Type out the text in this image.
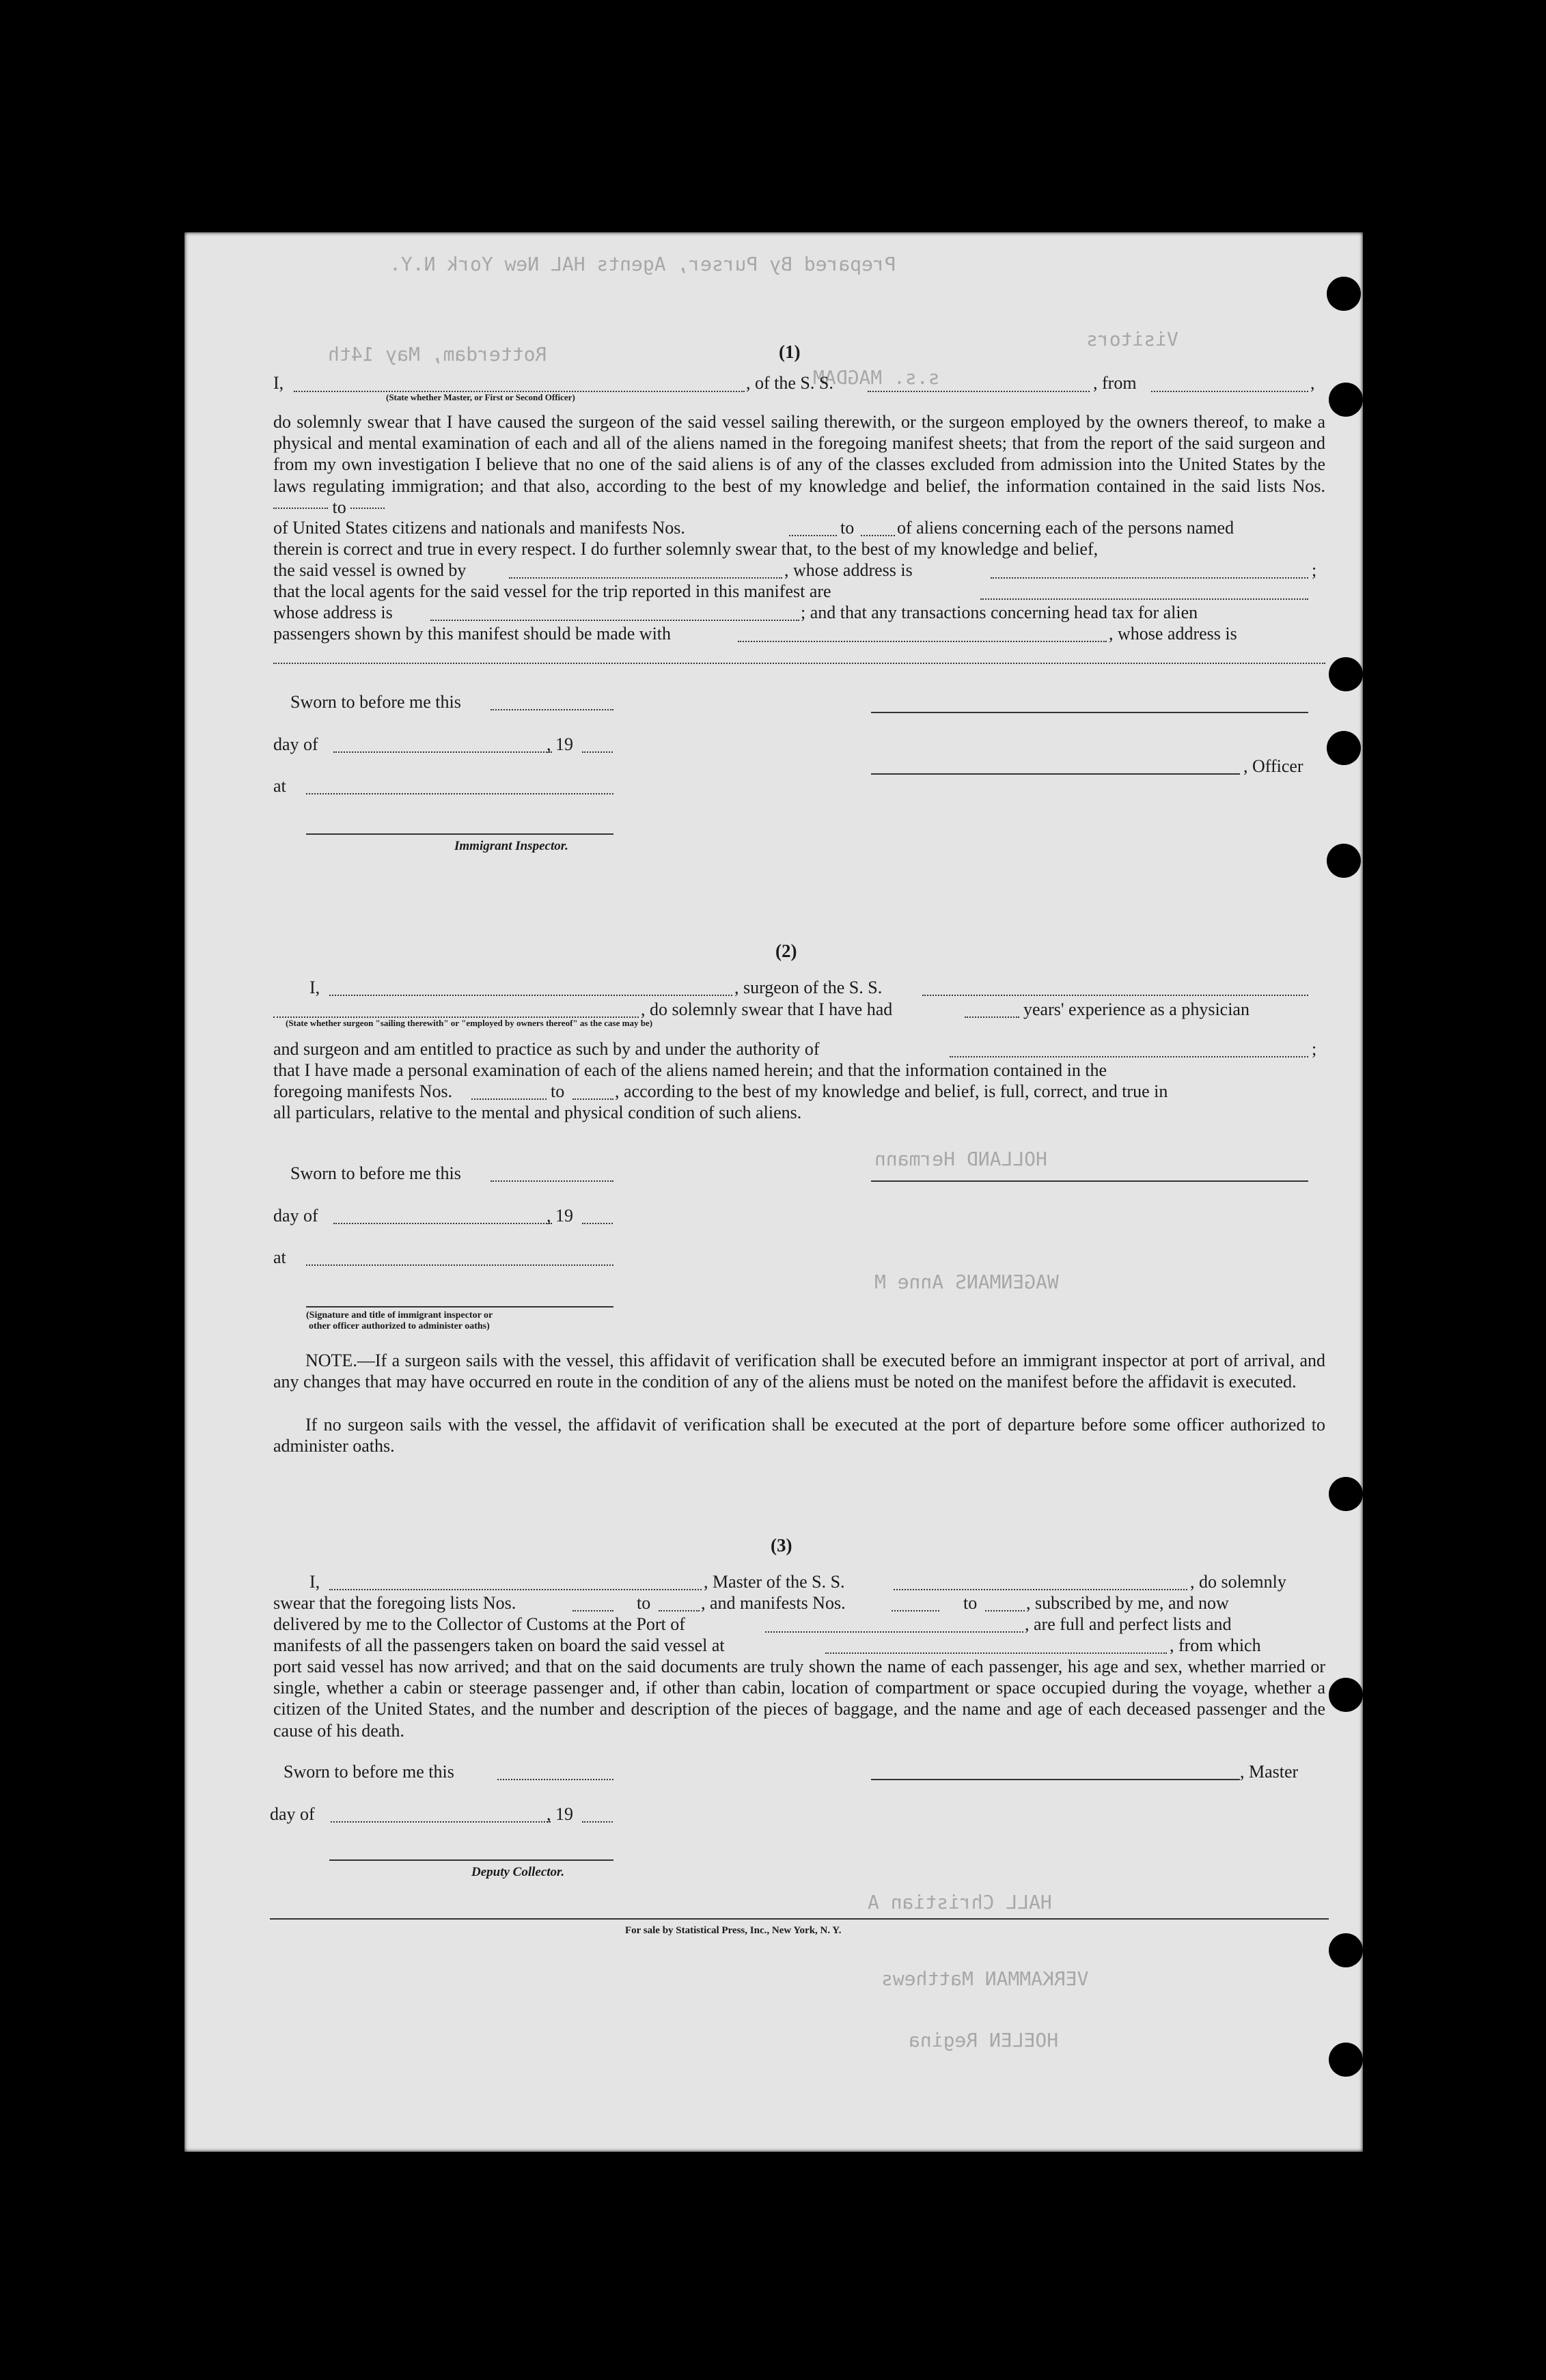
Prepared By Purser, Agents HAL New York N.Y.
Visitors
Rotterdam, May 14th
s.s. MAGDAM
HOLLAND Hermann
WAGENMANS Anne M
HALL Christian A
VERKAMMAN Matthews
HOELEN Regina
(1)
I,	, of the S. S.	, from	,
(State whether Master, or First or Second Officer)
do solemnly swear that I have caused the surgeon of the said vessel sailing therewith, or the surgeon employed by the owners thereof, to make a physical and mental examination of each and all of the aliens named in the foregoing manifest sheets; that from the report of the said surgeon and from my own investigation I believe that no one of the said aliens is of any of the classes excluded from admission into the United States by the laws regulating immigration; and that also, according to the best of my knowledge and belief, the information contained in the said lists Nos.  to
of United States citizens and nationals and manifests Nos.	to of aliens concerning each of the persons named
therein is correct and true in every respect. I do further solemnly swear that, to the best of my knowledge and belief,
the said vessel is owned by	, whose address is	;
that the local agents for the said vessel for the trip reported in this manifest are
whose address is	; and that any transactions concerning head tax for alien
passengers shown by this manifest should be made with	, whose address is
Sworn to before me this
day of	, 19
, Officer
at
Immigrant Inspector.
(2)
I,	, surgeon of the S. S.
, do solemnly swear that I have had	years' experience as a physician
(State whether surgeon "sailing therewith" or "employed by owners thereof" as the case may be)
and surgeon and am entitled to practice as such by and under the authority of	;
that I have made a personal examination of each of the aliens named herein; and that the information contained in the
foregoing manifests Nos.	to	, according to the best of my knowledge and belief, is full, correct, and true in
all particulars, relative to the mental and physical condition of such aliens.
Sworn to before me this
day of	, 19
at
(Signature and title of immigrant inspector or
other officer authorized to administer oaths)
NOTE.—If a surgeon sails with the vessel, this affidavit of verification shall be executed before an immigrant inspector at port of arrival, and any changes that may have occurred en route in the condition of any of the aliens must be noted on the manifest before the affidavit is executed.
If no surgeon sails with the vessel, the affidavit of verification shall be executed at the port of departure before some officer authorized to administer oaths.
(3)
I,	, Master of the S. S.	, do solemnly
swear that the foregoing lists Nos.	to	, and manifests Nos.	to	, subscribed by me, and now
delivered by me to the Collector of Customs at the Port of	, are full and perfect lists and
manifests of all the passengers taken on board the said vessel at	, from which
port said vessel has now arrived; and that on the said documents are truly shown the name of each passenger, his age and sex, whether married or single, whether a cabin or steerage passenger and, if other than cabin, location of compartment or space occupied during the voyage, whether a citizen of the United States, and the number and description of the pieces of baggage, and the name and age of each deceased passenger and the cause of his death.
Sworn to before me this	, Master
day of	, 19
Deputy Collector.
For sale by Statistical Press, Inc., New York, N. Y.
